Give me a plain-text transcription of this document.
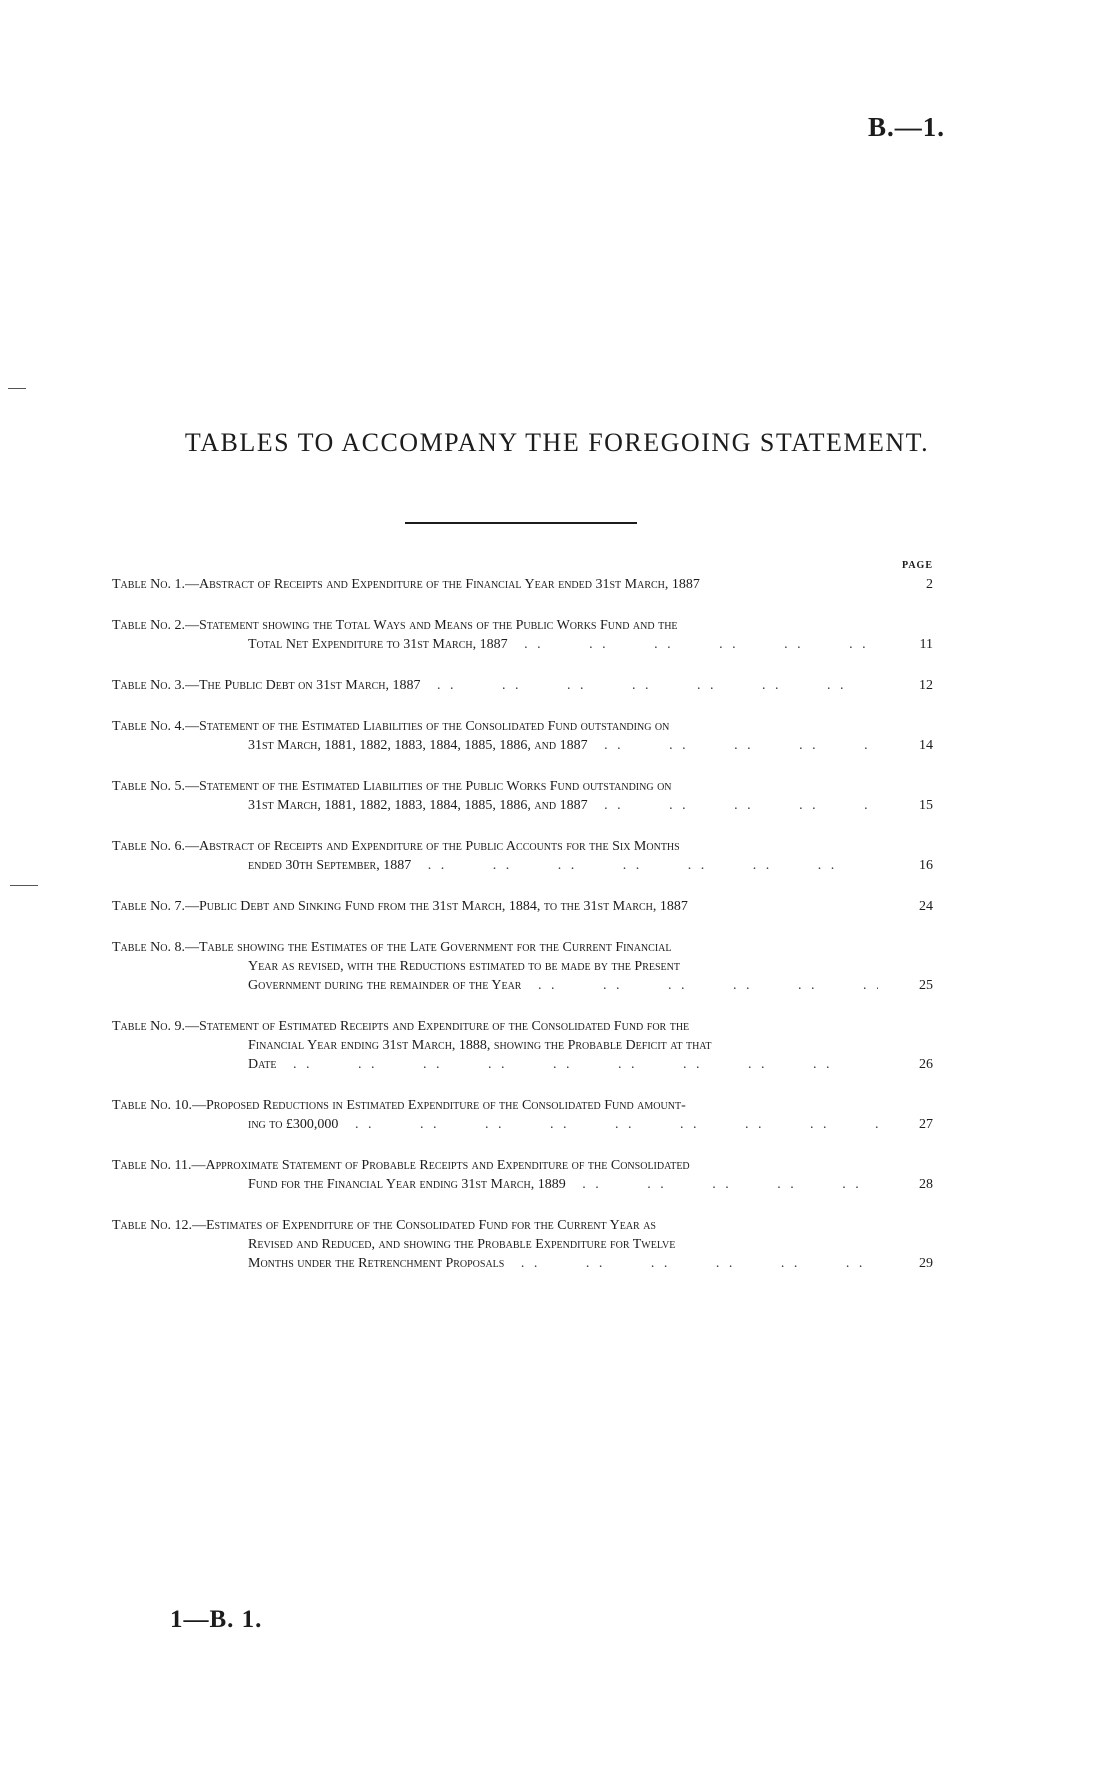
B.—1.
TABLES TO ACCOMPANY THE FOREGOING STATEMENT.
PAGE
Table No. 1. —Abstract of Receipts and Expenditure of the Financial Year ended 31st March, 1887	2
Table No. 2. —Statement showing the Total Ways and Means of the Public Works Fund and the
Total Net Expenditure to 31st March, 1887 . .	11
Table No. 3. —The Public Debt on 31st March, 1887 . .	12
Table No. 4. —Statement of the Estimated Liabilities of the Consolidated Fund outstanding on
31st March, 1881, 1882, 1883, 1884, 1885, 1886, and 1887 . .	14
Table No. 5. —Statement of the Estimated Liabilities of the Public Works Fund outstanding on
31st March, 1881, 1882, 1883, 1884, 1885, 1886, and 1887 . .	15
Table No. 6. —Abstract of Receipts and Expenditure of the Public Accounts for the Six Months
ended 30th September, 1887 . .	16
Table No. 7. —Public Debt and Sinking Fund from the 31st March, 1884, to the 31st March, 1887	24
Table No. 8. —Table showing the Estimates of the Late Government for the Current Financial
Year as revised, with the Reductions estimated to be made by the Present
Government during the remainder of the Year . .	25
Table No. 9. —Statement of Estimated Receipts and Expenditure of the Consolidated Fund for the
Financial Year ending 31st March, 1888, showing the Probable Deficit at that
Date . .	26
Table No. 10. —Proposed Reductions in Estimated Expenditure of the Consolidated Fund amount-
ing to £300,000 . .	27
Table No. 11. —Approximate Statement of Probable Receipts and Expenditure of the Consolidated
Fund for the Financial Year ending 31st March, 1889 . .	28
Table No. 12. —Estimates of Expenditure of the Consolidated Fund for the Current Year as
Revised and Reduced, and showing the Probable Expenditure for Twelve
Months under the Retrenchment Proposals . .	29
1—B. 1.
